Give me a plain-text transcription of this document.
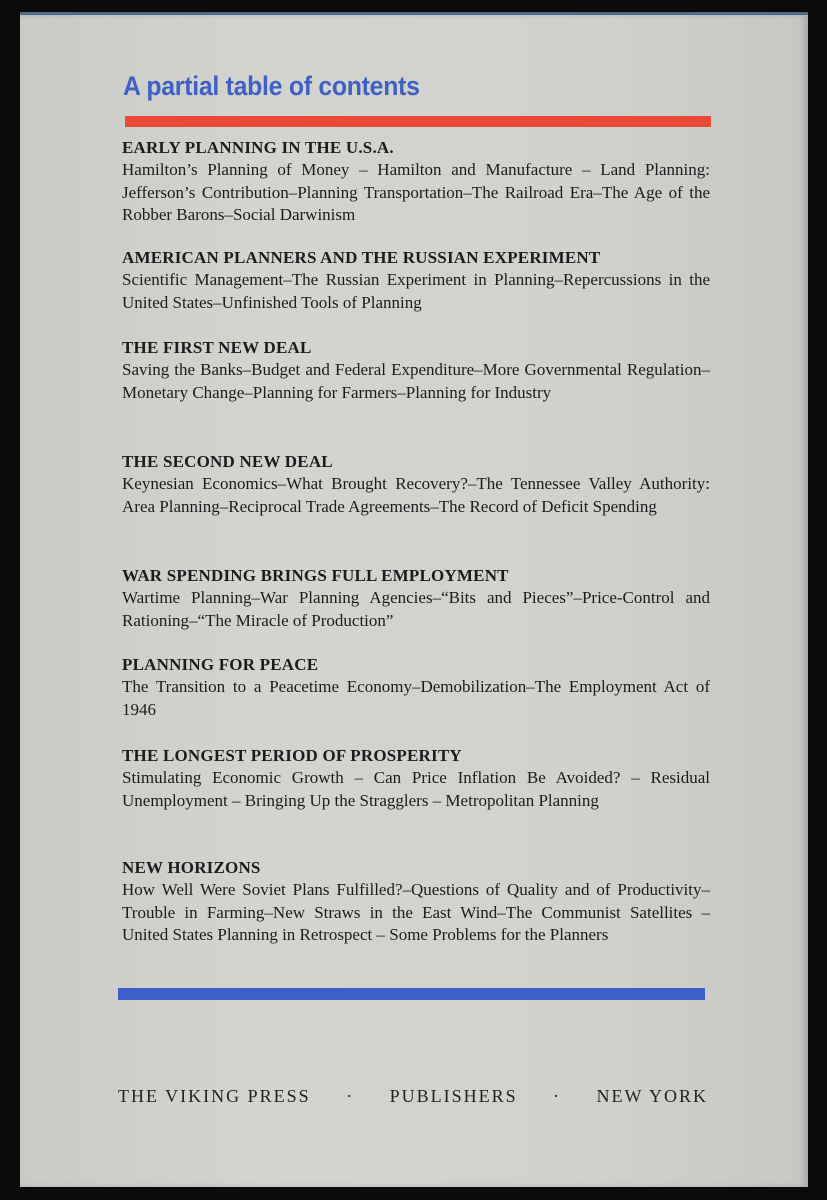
A partial table of contents
EARLY PLANNING IN THE U.S.A.

Hamilton’s Planning of Money – Hamilton and Manufacture – Land Planning: Jefferson’s Contribution–Planning Transportation–The Railroad Era–The Age of the Robber Barons–Social Darwinism

AMERICAN PLANNERS AND THE RUSSIAN EXPERIMENT

Scientific Management–The Russian Experiment in Planning–Repercussions in the United States–Unfinished Tools of Planning

THE FIRST NEW DEAL

Saving the Banks–Budget and Federal Expenditure–More Governmental Regulation–Monetary Change–Planning for Farmers–Planning for Industry

THE SECOND NEW DEAL

Keynesian Economics–What Brought Recovery?–The Tennessee Valley Authority: Area Planning–Reciprocal Trade Agreements–The Record of Deficit Spending

WAR SPENDING BRINGS FULL EMPLOYMENT

Wartime Planning–War Planning Agencies–“Bits and Pieces”–Price-Control and Rationing–“The Miracle of Production”

PLANNING FOR PEACE

The Transition to a Peacetime Economy–Demobilization–The Employment Act of 1946

THE LONGEST PERIOD OF PROSPERITY

Stimulating Economic Growth – Can Price Inflation Be Avoided? – Residual Unemployment – Bringing Up the Stragglers – Metropolitan Planning

NEW HORIZONS

How Well Were Soviet Plans Fulfilled?–Questions of Quality and of Productivity–Trouble in Farming–New Straws in the East Wind–The Communist Satellites – United States Planning in Retrospect – Some Problems for the Planners

THE VIKING PRESS · PUBLISHERS · NEW YORK
